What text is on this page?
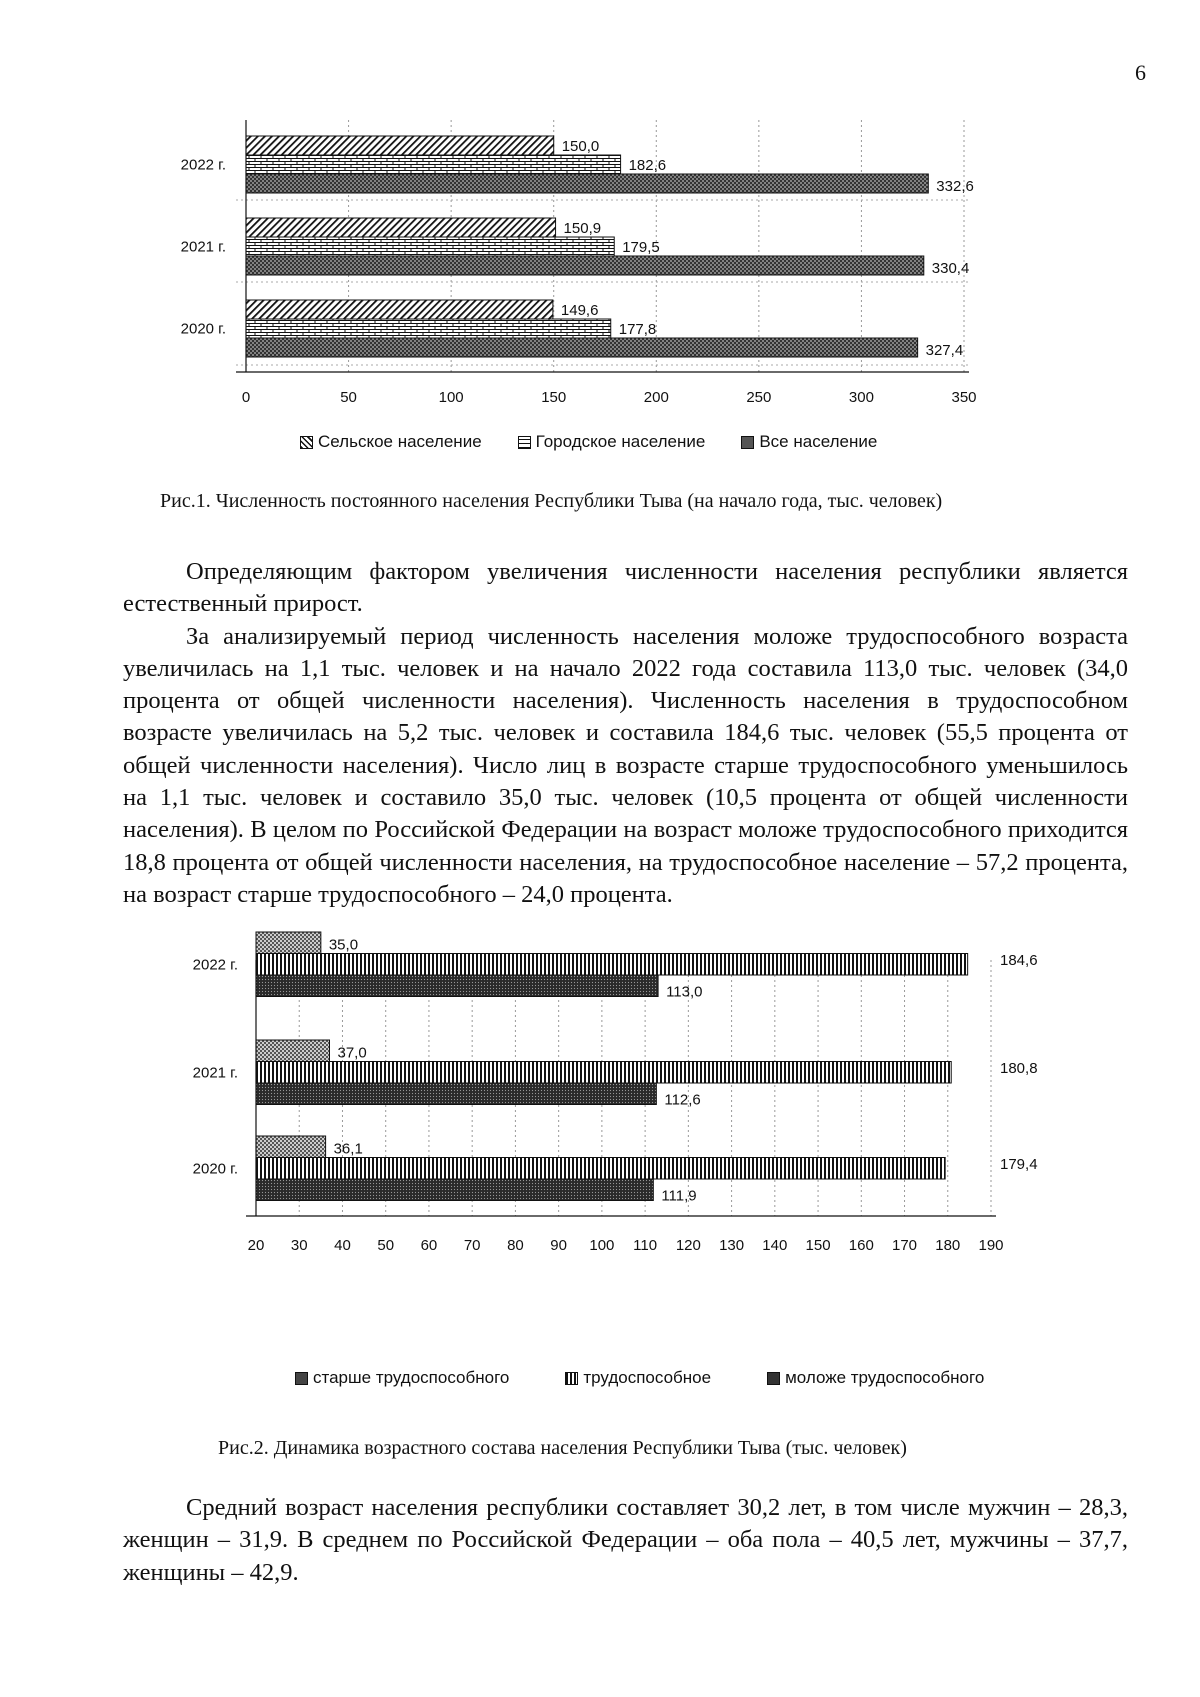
6
2022 г.
150,0
182,6
332,6
2021 г.
150,9
179,5
330,4
2020 г.
149,6
177,8
327,4
0	50	100	150	200	250	300	350
Сельское население	Городское население	Все население
Рис.1. Численность постоянного населения Республики Тыва (на начало года, тыс. человек)

Определяющим фактором увеличения численности населения республики является естественный прирост.

За анализируемый период численность населения моложе трудоспособного возраста увеличилась на 1,1 тыс. человек и на начало 2022 года составила 113,0 тыс. человек (34,0 процента от общей численности населения). Численность населения в трудоспособном возрасте увеличилась на 5,2 тыс. человек и составила 184,6 тыс. человек (55,5 процента от общей численности населения). Число лиц в возрасте старше трудоспособного уменьшилось на 1,1 тыс. человек и составило 35,0 тыс. человек (10,5 процента от общей численности населения). В целом по Российской Федерации на возраст моложе трудоспособного приходится 18,8 процента от общей численности населения, на трудоспособное население – 57,2 процента, на возраст старше трудоспособного – 24,0 процента.

2022 г.
35,0
184,6
113,0
2021 г.
37,0
180,8
112,6
2020 г.
36,1
179,4
111,9
20 30 40 50 60 70 80 90 100 110 120 130 140 150 160 170 180 190
старше трудоспособного	трудоспособное	моложе трудоспособного
Рис.2. Динамика возрастного состава населения Республики Тыва (тыс. человек)

Средний возраст населения республики составляет 30,2 лет, в том числе мужчин – 28,3, женщин – 31,9. В среднем по Российской Федерации – оба пола – 40,5 лет, мужчины – 37,7, женщины – 42,9.
